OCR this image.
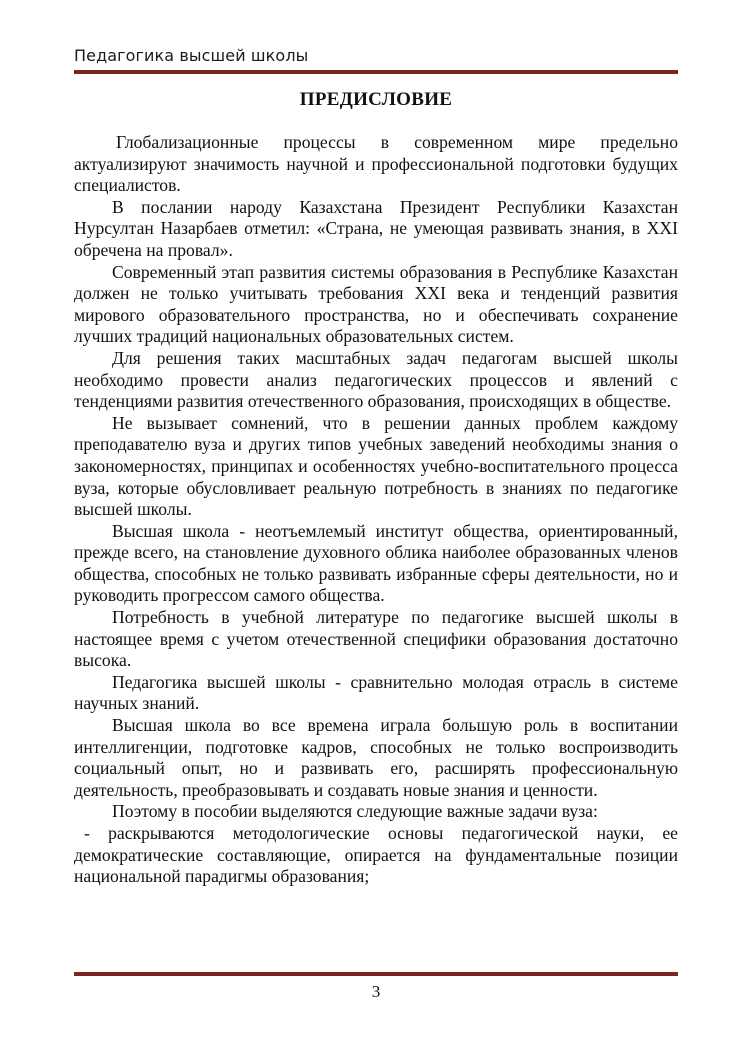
Педагогика высшей школы
ПРЕДИСЛОВИЕ

Глобализационные процессы в современном мире предельно актуализируют значимость научной и профессиональной подготовки будущих специалистов.

В послании народу Казахстана Президент Республики Казахстан Нурсултан Назарбаев отметил: «Страна, не умеющая развивать знания, в XXI обречена на провал».

Современный этап развития системы образования в Республике Казахстан должен не только учитывать требования XXI века и тенденций развития мирового образовательного пространства, но и обеспечивать сохранение лучших традиций национальных образовательных систем.

Для решения таких масштабных задач педагогам высшей школы необходимо провести анализ педагогических процессов и явлений с тенденциями развития отечественного образования, происходящих в обществе.

Не вызывает сомнений, что в решении данных проблем каждому преподавателю вуза и других типов учебных заведений необходимы знания о закономерностях, принципах и особенностях учебно-воспитательного процесса вуза, которые обусловливает реальную потребность в знаниях по педагогике высшей школы.

Высшая школа - неотъемлемый институт общества, ориентированный, прежде всего, на становление духовного облика наиболее образованных членов общества, способных не только развивать избранные сферы деятельности, но и руководить прогрессом самого общества.

Потребность в учебной литературе по педагогике высшей школы в настоящее время с учетом отечественной специфики образования достаточно высока.

Педагогика высшей школы - сравнительно молодая отрасль в системе научных знаний.

Высшая школа во все времена играла большую роль в воспитании интеллигенции, подготовке кадров, способных не только воспроизводить социальный опыт, но и развивать его, расширять профессиональную деятельность, преобразовывать и создавать новые знания и ценности.

Поэтому в пособии выделяются следующие важные задачи вуза:

- раскрываются методологические основы педагогической науки, ее демократические составляющие, опирается на фундаментальные позиции национальной парадигмы образования;

3
